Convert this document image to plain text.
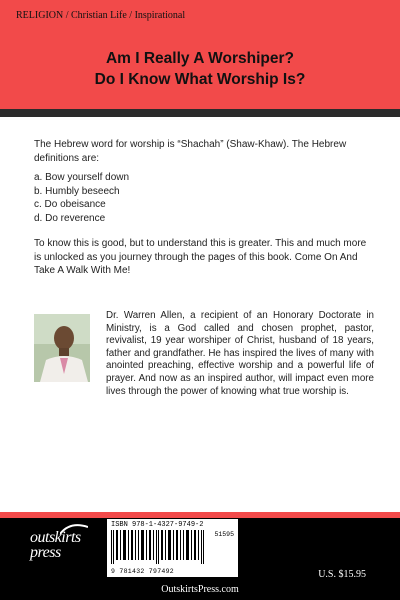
RELIGION / Christian Life / Inspirational
Am I Really A Worshiper?
Do I Know What Worship Is?

The Hebrew word for worship is “Shachah” (Shaw-Khaw). The Hebrew definitions are:

a. Bow yourself down
b. Humbly beseech
c. Do obeisance
d. Do reverence

To know this is good, but to understand this is greater. This and much more is unlocked as you journey through the pages of this book. Come On And Take A Walk With Me!

Dr. Warren Allen, a recipient of an Honorary Doctorate in Ministry, is a God called and chosen prophet, pastor, revivalist, 19 year worshiper of Christ, husband of 18 years, father and grandfather. He has inspired the lives of many with anointed preaching, effective worship and a powerful life of prayer. And now as an inspired author, will impact even more lives through the power of knowing what true worship is.

outskirts
press
ISBN 978-1-4327-9749-2
51595
9 781432 797492	U.S. $15.95
OutskirtsPress.com
